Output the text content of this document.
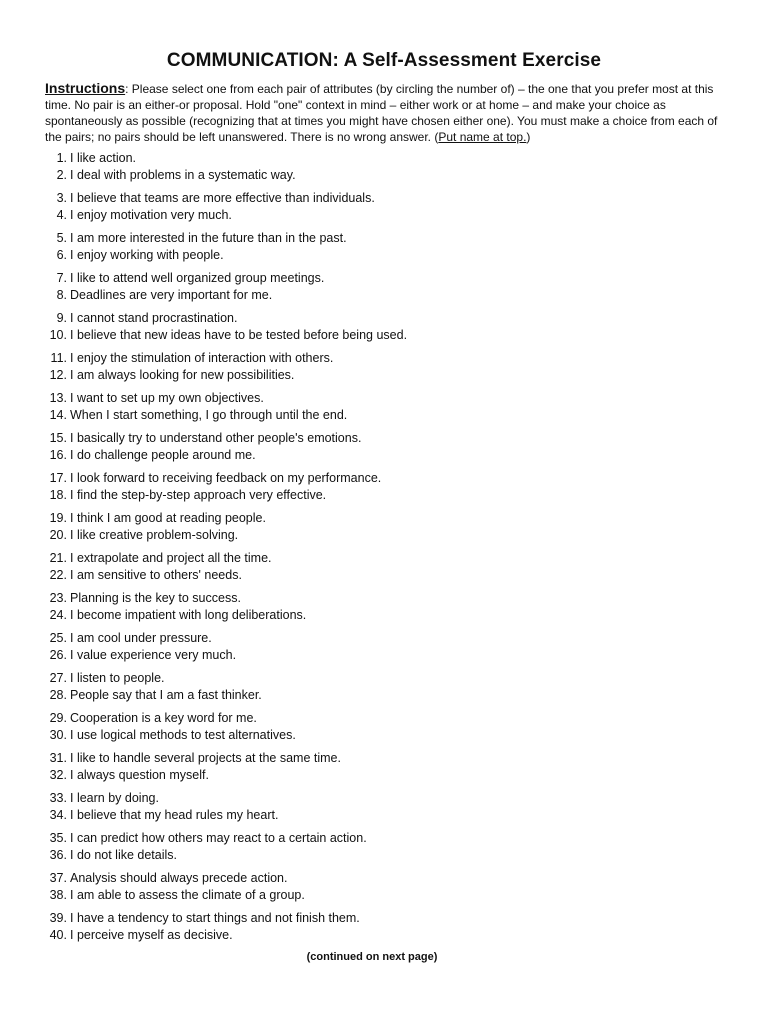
COMMUNICATION: A Self-Assessment Exercise
Instructions: Please select one from each pair of attributes (by circling the number of) – the one that you prefer most at this time. No pair is an either-or proposal. Hold "one" context in mind – either work or at home – and make your choice as spontaneously as possible (recognizing that at times you might have chosen either one). You must make a choice from each of the pairs; no pairs should be left unanswered. There is no wrong answer. (Put name at top.)
1. I like action.
2. I deal with problems in a systematic way.
3. I believe that teams are more effective than individuals.
4. I enjoy motivation very much.
5. I am more interested in the future than in the past.
6. I enjoy working with people.
7. I like to attend well organized group meetings.
8. Deadlines are very important for me.
9. I cannot stand procrastination.
10. I believe that new ideas have to be tested before being used.
11. I enjoy the stimulation of interaction with others.
12. I am always looking for new possibilities.
13. I want to set up my own objectives.
14. When I start something, I go through until the end.
15. I basically try to understand other people's emotions.
16. I do challenge people around me.
17. I look forward to receiving feedback on my performance.
18. I find the step-by-step approach very effective.
19. I think I am good at reading people.
20. I like creative problem-solving.
21. I extrapolate and project all the time.
22. I am sensitive to others' needs.
23. Planning is the key to success.
24. I become impatient with long deliberations.
25. I am cool under pressure.
26. I value experience very much.
27. I listen to people.
28. People say that I am a fast thinker.
29. Cooperation is a key word for me.
30. I use logical methods to test alternatives.
31. I like to handle several projects at the same time.
32. I always question myself.
33. I learn by doing.
34. I believe that my head rules my heart.
35. I can predict how others may react to a certain action.
36. I do not like details.
37. Analysis should always precede action.
38. I am able to assess the climate of a group.
39. I have a tendency to start things and not finish them.
40. I perceive myself as decisive.
(continued on next page)
